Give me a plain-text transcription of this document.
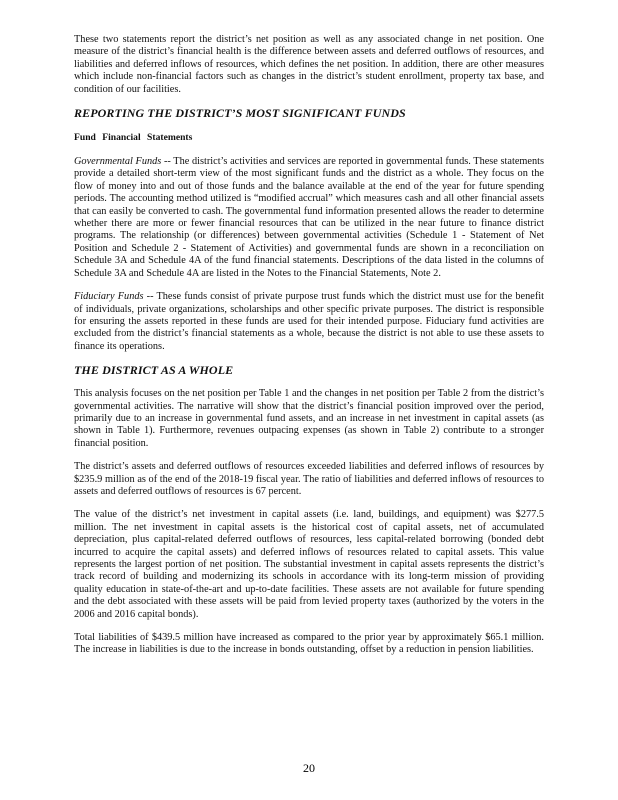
These two statements report the district’s net position as well as any associated change in net position. One measure of the district’s financial health is the difference between assets and deferred outflows of resources, and liabilities and deferred inflows of resources, which defines the net position. In addition, there are other measures which include non-financial factors such as changes in the district’s student enrollment, property tax base, and condition of our facilities.

REPORTING THE DISTRICT’S MOST SIGNIFICANT FUNDS
Fund Financial Statements

Governmental Funds -- The district’s activities and services are reported in governmental funds. These statements provide a detailed short-term view of the most significant funds and the district as a whole. They focus on the flow of money into and out of those funds and the balance available at the end of the year for future spending periods. The accounting method utilized is “modified accrual” which measures cash and all other financial assets that can easily be converted to cash. The governmental fund information presented allows the reader to determine whether there are more or fewer financial resources that can be utilized in the near future to finance district programs. The relationship (or differences) between governmental activities (Schedule 1 - Statement of Net Position and Schedule 2 - Statement of Activities) and governmental funds are shown in a reconciliation on Schedule 3A and Schedule 4A of the fund financial statements. Descriptions of the data listed in the columns of Schedule 3A and Schedule 4A are listed in the Notes to the Financial Statements, Note 2.

Fiduciary Funds -- These funds consist of private purpose trust funds which the district must use for the benefit of individuals, private organizations, scholarships and other specific private purposes. The district is responsible for ensuring the assets reported in these funds are used for their intended purpose. Fiduciary fund activities are excluded from the district’s financial statements as a whole, because the district is not able to use these assets to finance its operations.

THE DISTRICT AS A WHOLE

This analysis focuses on the net position per Table 1 and the changes in net position per Table 2 from the district’s governmental activities. The narrative will show that the district’s financial position improved over the period, primarily due to an increase in governmental fund assets, and an increase in net investment in capital assets (as shown in Table 1). Furthermore, revenues outpacing expenses (as shown in Table 2) contribute to a stronger financial position.

The district’s assets and deferred outflows of resources exceeded liabilities and deferred inflows of resources by $235.9 million as of the end of the 2018-19 fiscal year. The ratio of liabilities and deferred inflows of resources to assets and deferred outflows of resources is 67 percent.

The value of the district’s net investment in capital assets (i.e. land, buildings, and equipment) was $277.5 million. The net investment in capital assets is the historical cost of capital assets, net of accumulated depreciation, plus capital-related deferred outflows of resources, less capital-related borrowing (bonded debt incurred to acquire the capital assets) and deferred inflows of resources related to capital assets. This value represents the largest portion of net position. The substantial investment in capital assets represents the district’s track record of building and modernizing its schools in accordance with its long-term mission of providing quality education in state-of-the-art and up-to-date facilities. These assets are not available for future spending and the debt associated with these assets will be paid from levied property taxes (authorized by the voters in the 2006 and 2016 capital bonds).

Total liabilities of $439.5 million have increased as compared to the prior year by approximately $65.1 million. The increase in liabilities is due to the increase in bonds outstanding, offset by a reduction in pension liabilities.

20
